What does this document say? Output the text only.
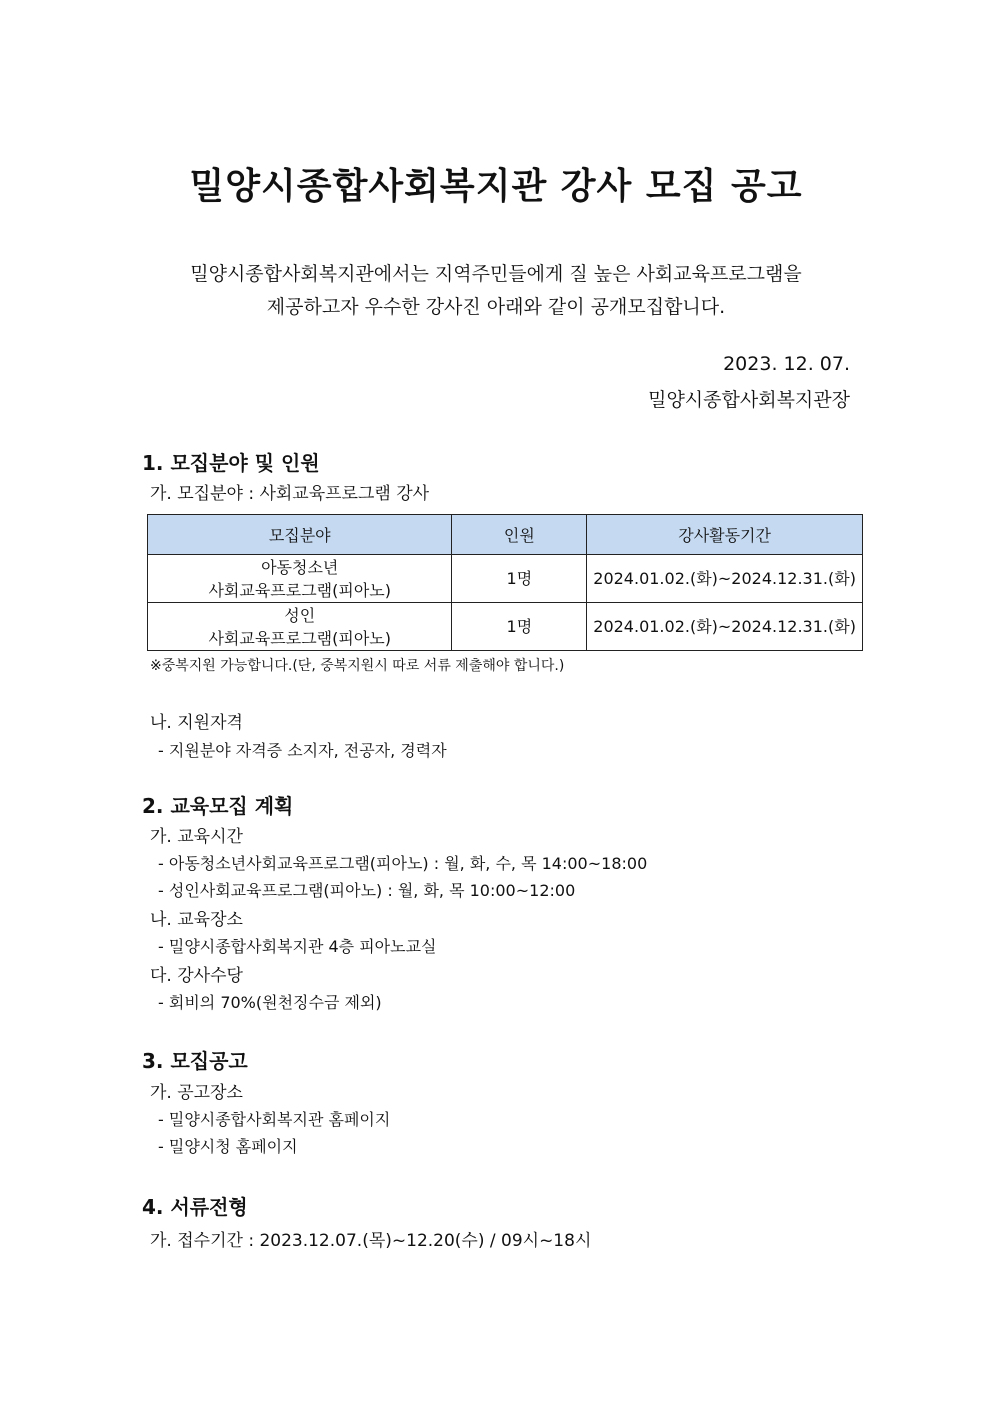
밀양시종합사회복지관 강사 모집 공고
밀양시종합사회복지관에서는 지역주민들에게 질 높은 사회교육프로그램을
제공하고자 우수한 강사진 아래와 같이 공개모집합니다.
2023. 12. 07.
밀양시종합사회복지관장
1. 모집분야 및 인원
가. 모집분야 : 사회교육프로그램 강사
모집분야	인원	강사활동기간

아동청소년
사회교육프로그램(피아노)	1명	2024.01.02.(화)~2024.12.31.(화)

성인
사회교육프로그램(피아노)	1명	2024.01.02.(화)~2024.12.31.(화)
※중복지원 가능합니다.(단, 중복지원시 따로 서류 제출해야 합니다.)
나. 지원자격
- 지원분야 자격증 소지자, 전공자, 경력자
2. 교육모집 계획
가. 교육시간
- 아동청소년사회교육프로그램(피아노) : 월, 화, 수, 목 14:00~18:00
- 성인사회교육프로그램(피아노) : 월, 화, 목 10:00~12:00
나. 교육장소
- 밀양시종합사회복지관 4층 피아노교실
다. 강사수당
- 회비의 70%(원천징수금 제외)
3. 모집공고
가. 공고장소
- 밀양시종합사회복지관 홈페이지
- 밀양시청 홈페이지
4. 서류전형
가. 접수기간 : 2023.12.07.(목)~12.20(수) / 09시~18시
